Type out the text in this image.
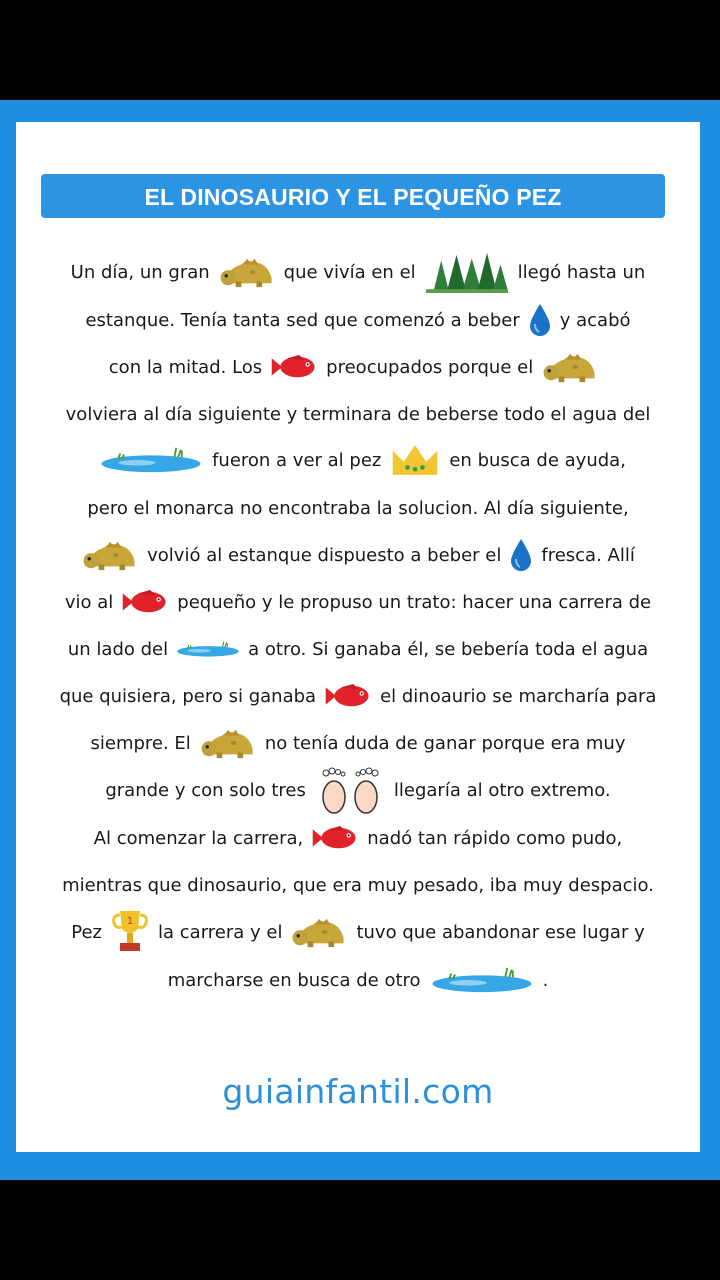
EL DINOSAURIO Y EL PEQUEÑO PEZ
Un día, un gran	que vivía en el	llegó hasta un
estanque. Tenía tanta sed que comenzó a beber y acabó
con la mitad. Los	preocupados porque el
volviera al día siguiente y terminara de beberse todo el agua del
fueron a ver al pez	en busca de ayuda,
pero el monarca no encontraba la solucion. Al día siguiente,
volvió al estanque dispuesto a beber el fresca. Allí
vio al	pequeño y le propuso un trato: hacer una carrera de
un lado del	a otro. Si ganaba él, se bebería toda el agua
que quisiera, pero si ganaba	el dinoaurio se marcharía para
siempre. El	no tenía duda de ganar porque era muy
grande y con solo tres	llegaría al otro extremo.
Al comenzar la carrera,	nadó tan rápido como pudo,
mientras que dinosaurio, que era muy pesado, iba muy despacio.
Pez	la carrera y el	tuvo que abandonar ese lugar y
marcharse en busca de otro	.
guiainfantil.com
